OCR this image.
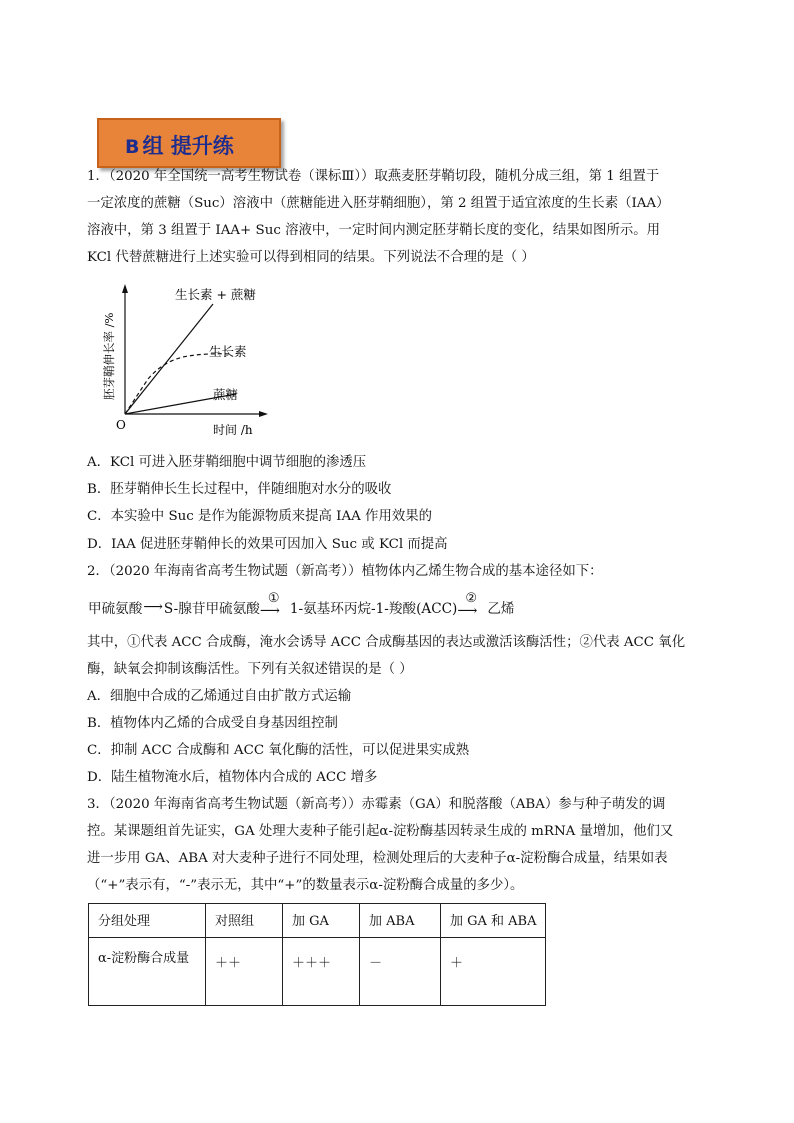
B 组 提升练
1．（2020 年全国统一高考生物试卷（课标Ⅲ））取燕麦胚芽鞘切段，随机分成三组，第 1 组置于
一定浓度的蔗糖（Suc）溶液中（蔗糖能进入胚芽鞘细胞），第 2 组置于适宜浓度的生长素（IAA）
溶液中，第 3 组置于 IAA+ Suc 溶液中，一定时间内测定胚芽鞘长度的变化，结果如图所示。用
KCl 代替蔗糖进行上述实验可以得到相同的结果。下列说法不合理的是（ ）
生长素 + 蔗糖
生长素
蔗糖
O	时间 /h
胚芽鞘伸长率 /%
A．KCl 可进入胚芽鞘细胞中调节细胞的渗透压
B．胚芽鞘伸长生长过程中，伴随细胞对水分的吸收
C．本实验中 Suc 是作为能源物质来提高 IAA 作用效果的
D．IAA 促进胚芽鞘伸长的效果可因加入 Suc 或 KCl 而提高
2．（2020 年海南省高考生物试题（新高考））植物体内乙烯生物合成的基本途径如下：
甲硫氨酸⟶S-腺苷甲硫氨酸
①
⟶ 1-氨基环丙烷-1-羧酸(ACC)
②
⟶ 乙烯
其中，①代表 ACC 合成酶，淹水会诱导 ACC 合成酶基因的表达或激活该酶活性；②代表 ACC 氧化
酶，缺氧会抑制该酶活性。下列有关叙述错误的是（ ）
A．细胞中合成的乙烯通过自由扩散方式运输
B．植物体内乙烯的合成受自身基因组控制
C．抑制 ACC 合成酶和 ACC 氧化酶的活性，可以促进果实成熟
D．陆生植物淹水后，植物体内合成的 ACC 增多
3．（2020 年海南省高考生物试题（新高考））赤霉素（GA）和脱落酸（ABA）参与种子萌发的调
控。某课题组首先证实，GA 处理大麦种子能引起α-淀粉酶基因转录生成的 mRNA 量增加，他们又
进一步用 GA、ABA 对大麦种子进行不同处理，检测处理后的大麦种子α-淀粉酶合成量，结果如表
（“+”表示有，“-”表示无，其中“+”的数量表示α-淀粉酶合成量的多少）。
分组处理	对照组	加 GA	加 ABA	加 GA 和 ABA
α-淀粉酶合成量	＋＋	＋＋＋	－	＋
